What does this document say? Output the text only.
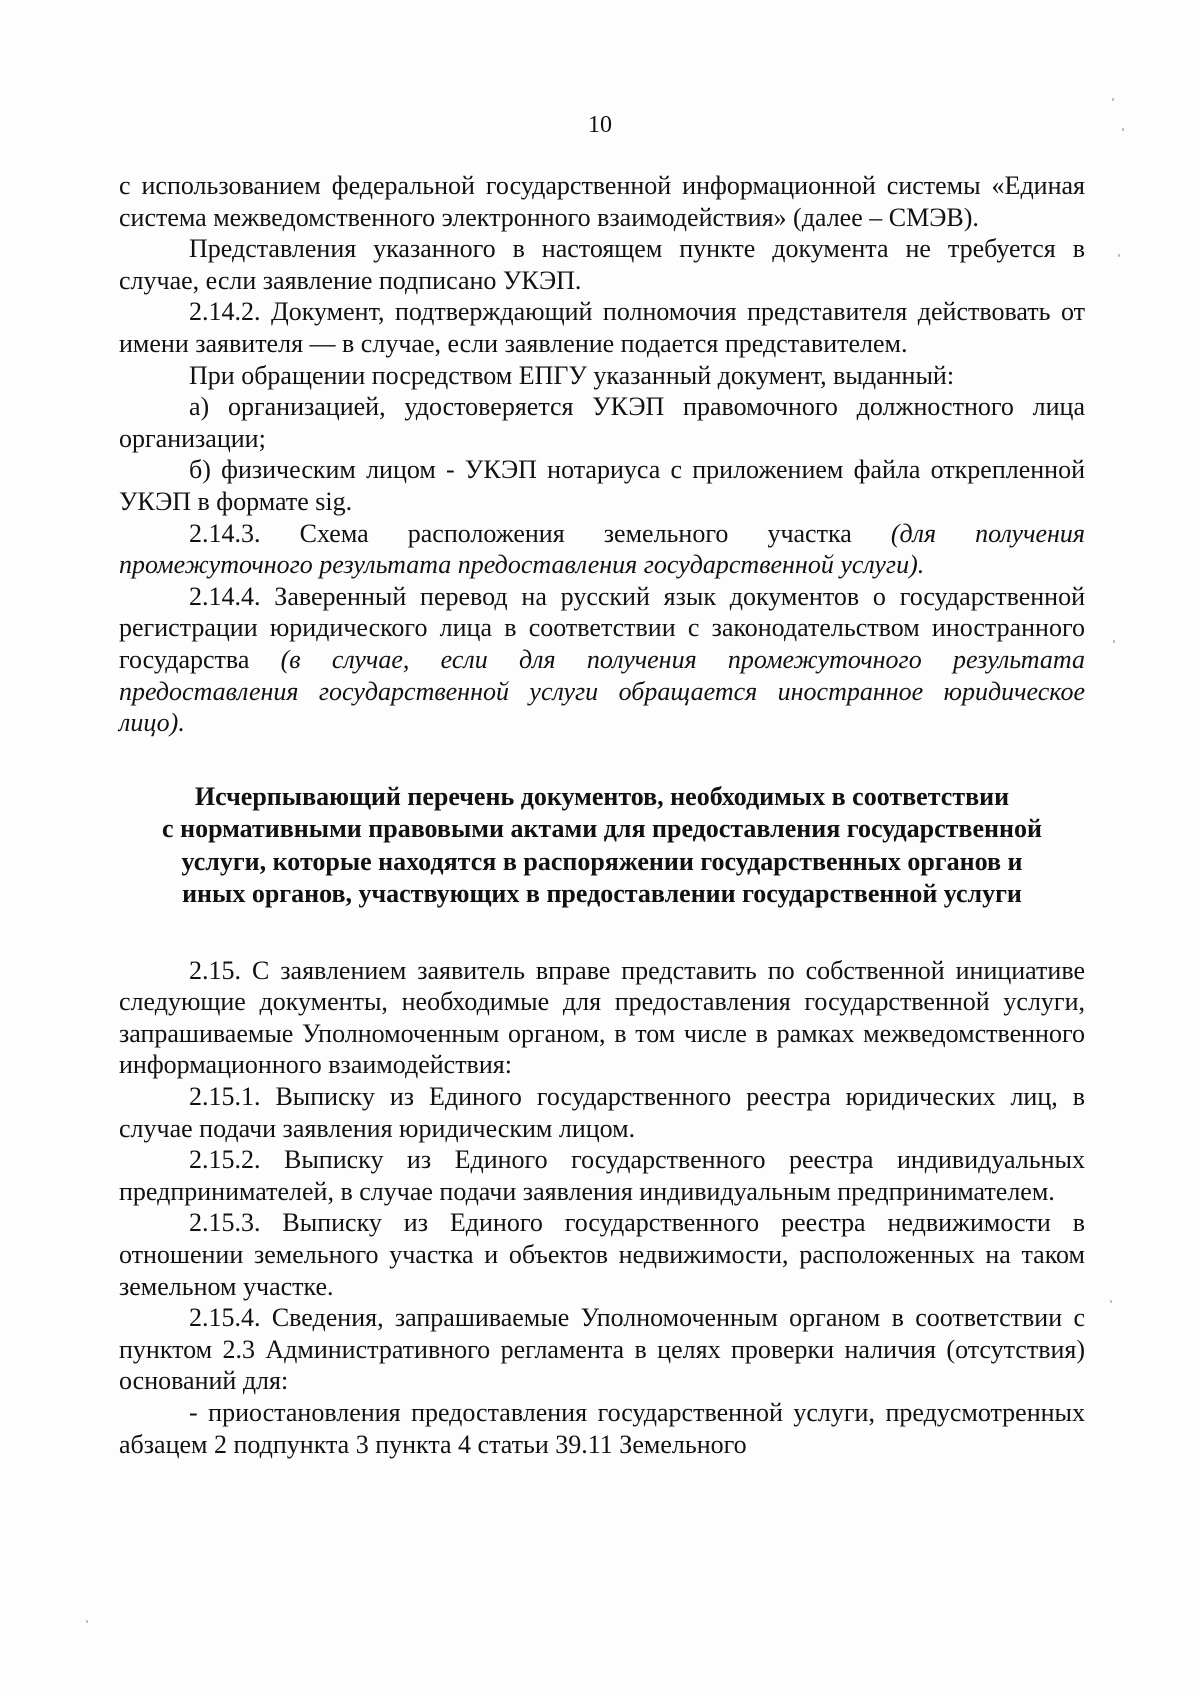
10

с использованием федеральной государственной информационной системы «Единая система межведомственного электронного взаимодействия» (далее – СМЭВ).

Представления указанного в настоящем пункте документа не требуется в случае, если заявление подписано УКЭП.

2.14.2. Документ, подтверждающий полномочия представителя действовать от имени заявителя — в случае, если заявление подается представителем.

При обращении посредством ЕПГУ указанный документ, выданный:

а) организацией, удостоверяется УКЭП правомочного должностного лица организации;

б) физическим лицом - УКЭП нотариуса с приложением файла открепленной УКЭП в формате sig.

2.14.3. Схема расположения земельного участка (для получения промежуточного результата предоставления государственной услуги).

2.14.4. Заверенный перевод на русский язык документов о государственной регистрации юридического лица в соответствии с законодательством иностранного государства (в случае, если для получения промежуточного результата предоставления государственной услуги обращается иностранное юридическое лицо).

Исчерпывающий перечень документов, необходимых в соответствии
с нормативными правовыми актами для предоставления государственной
услуги, которые находятся в распоряжении государственных органов и
иных органов, участвующих в предоставлении государственной услуги

2.15. С заявлением заявитель вправе представить по собственной инициативе следующие документы, необходимые для предоставления государственной услуги, запрашиваемые Уполномоченным органом, в том числе в рамках межведомственного информационного взаимодействия:

2.15.1. Выписку из Единого государственного реестра юридических лиц, в случае подачи заявления юридическим лицом.

2.15.2. Выписку из Единого государственного реестра индивидуальных предпринимателей, в случае подачи заявления индивидуальным предпринимателем.

2.15.3. Выписку из Единого государственного реестра недвижимости в отношении земельного участка и объектов недвижимости, расположенных на таком земельном участке.

2.15.4. Сведения, запрашиваемые Уполномоченным органом в соответствии с пунктом 2.3 Административного регламента в целях проверки наличия (отсутствия) оснований для:

- приостановления предоставления государственной услуги, предусмотренных абзацем 2 подпункта 3 пункта 4 статьи 39.11 Земельного
